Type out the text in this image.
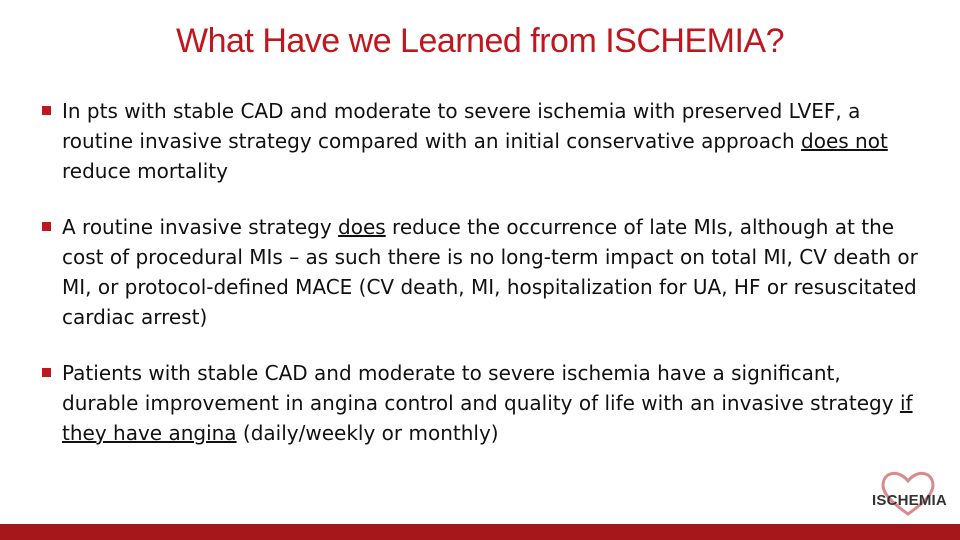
What Have we Learned from ISCHEMIA?
In pts with stable CAD and moderate to severe ischemia with preserved LVEF, a routine invasive strategy compared with an initial conservative approach does not reduce mortality
A routine invasive strategy does reduce the occurrence of late MIs, although at the cost of procedural MIs – as such there is no long-term impact on total MI, CV death or MI, or protocol-defined MACE (CV death, MI, hospitalization for UA, HF or resuscitated cardiac arrest)
Patients with stable CAD and moderate to severe ischemia have a significant, durable improvement in angina control and quality of life with an invasive strategy if they have angina (daily/weekly or monthly)
ISCHEMIA
